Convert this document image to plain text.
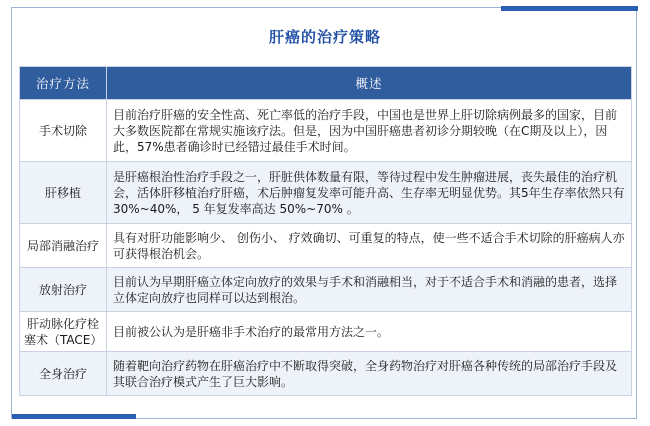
肝癌的治疗策略
治疗方法	概述
手术切除	目前治疗肝癌的安全性高、死亡率低的治疗手段，中国也是世界上肝切除病例最多的国家，目前大多数医院都在常规实施该疗法。但是，因为中国肝癌患者初诊分期较晚（在C期及以上），因此，57%患者确诊时已经错过最佳手术时间。
肝移植	是肝癌根治性治疗手段之一，肝脏供体数量有限，等待过程中发生肿瘤进展，丧失最佳的治疗机会，活体肝移植治疗肝癌，术后肿瘤复发率可能升高、生存率无明显优势。其5年生存率依然只有30%~40%， 5 年复发率高达 50%~70% 。
局部消融治疗	具有对肝功能影响少、 创伤小、 疗效确切、可重复的特点，使一些不适合手术切除的肝癌病人亦可获得根治机会。
放射治疗	目前认为早期肝癌立体定向放疗的效果与手术和消融相当，对于不适合手术和消融的患者，选择立体定向放疗也同样可以达到根治。
肝动脉化疗栓塞术（TACE）	目前被公认为是肝癌非手术治疗的最常用方法之一。
全身治疗	随着靶向治疗药物在肝癌治疗中不断取得突破，全身药物治疗对肝癌各种传统的局部治疗手段及其联合治疗模式产生了巨大影响。
